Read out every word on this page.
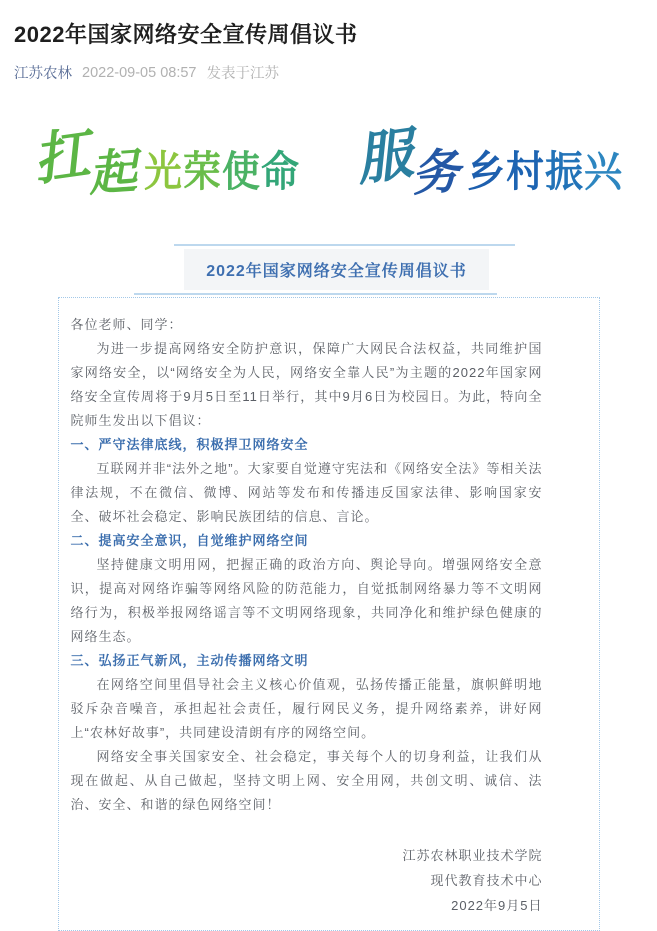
2022年国家网络安全宣传周倡议书
江苏农林 2022-09-05 08:57 发表于江苏
扛
起 光荣使命 服
务 乡村振兴
2022年国家网络安全宣传周倡议书

各位老师、同学：

为进一步提高网络安全防护意识，保障广大网民合法权益，共同维护国家网络安全，以“网络安全为人民，网络安全靠人民”为主题的2022年国家网络安全宣传周将于9月5日至11日举行，其中9月6日为校园日。为此，特向全院师生发出以下倡议：

一、严守法律底线，积极捍卫网络安全

互联网并非“法外之地”。大家要自觉遵守宪法和《网络安全法》等相关法律法规，不在微信、微博、网站等发布和传播违反国家法律、影响国家安全、破坏社会稳定、影响民族团结的信息、言论。

二、提高安全意识，自觉维护网络空间

坚持健康文明用网，把握正确的政治方向、舆论导向。增强网络安全意识，提高对网络诈骗等网络风险的防范能力，自觉抵制网络暴力等不文明网络行为，积极举报网络谣言等不文明网络现象，共同净化和维护绿色健康的网络生态。

三、弘扬正气新风，主动传播网络文明

在网络空间里倡导社会主义核心价值观，弘扬传播正能量，旗帜鲜明地驳斥杂音噪音，承担起社会责任，履行网民义务，提升网络素养，讲好网上“农林好故事”，共同建设清朗有序的网络空间。

网络安全事关国家安全、社会稳定，事关每个人的切身利益，让我们从现在做起、从自己做起，坚持文明上网、安全用网，共创文明、诚信、法治、安全、和谐的绿色网络空间！

江苏农林职业技术学院
现代教育技术中心
2022年9月5日
